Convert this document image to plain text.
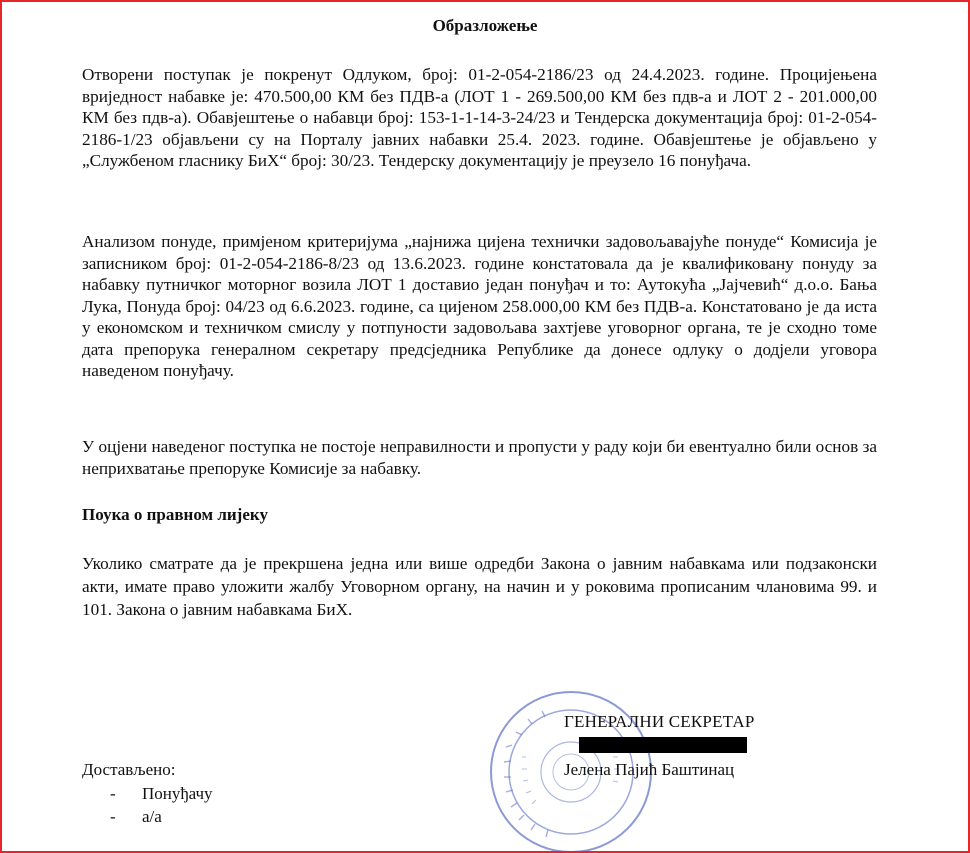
Образложење
Отворени поступак је покренут Одлуком, број: 01-2-054-2186/23 од 24.4.2023. године. Процијењена вриједност набавке је: 470.500,00 КМ без ПДВ-а (ЛОТ 1 - 269.500,00 КМ без пдв-а и ЛОТ 2 - 201.000,00 КМ без пдв-а). Обавјештење о набавци број: 153-1-1-14-3-24/23 и Тендерска документација број: 01-2-054-2186-1/23 објављени су на Порталу јавних набавки 25.4. 2023. године. Обавјештење је објављено у „Службеном гласнику БиХ“ број: 30/23. Тендерску документацију је преузело 16 понуђача.
Анализом понуде, примјеном критеријума „најнижа цијена технички задовољавајуће понуде“ Комисија је записником број: 01-2-054-2186-8/23 од 13.6.2023. године констатовала да је квалификовану понуду за набавку путничког моторног возила ЛОТ 1 доставио један понуђач и то: Аутокућа „Јајчевић“ д.о.о. Бања Лука, Понуда број: 04/23 од 6.6.2023. године, са цијеном 258.000,00 КМ без ПДВ-а. Констатовано је да иста у економском и техничком смислу у потпуности задовољава захтјеве уговорног органа, те је сходно томе дата препорука генералном секретару предсједника Републике да донесе одлуку о додјели уговора наведеном понуђачу.
У оцјени наведеног поступка не постоје неправилности и пропусти у раду који би евентуално били основ за неприхватање препоруке Комисије за набавку.
Поука о правном лијеку
Уколико сматрате да је прекршена једна или више одредби Закона о јавним набавкама или подзаконски акти, имате право уложити жалбу Уговорном органу, на начин и у роковима прописаним члановима 99. и 101. Закона о јавним набавкама БиХ.
ГЕНЕРАЛНИ СЕКРЕТАР
Јелена Пајић Баштинац
Достављено:
-	Понуђачу
-	а/а
